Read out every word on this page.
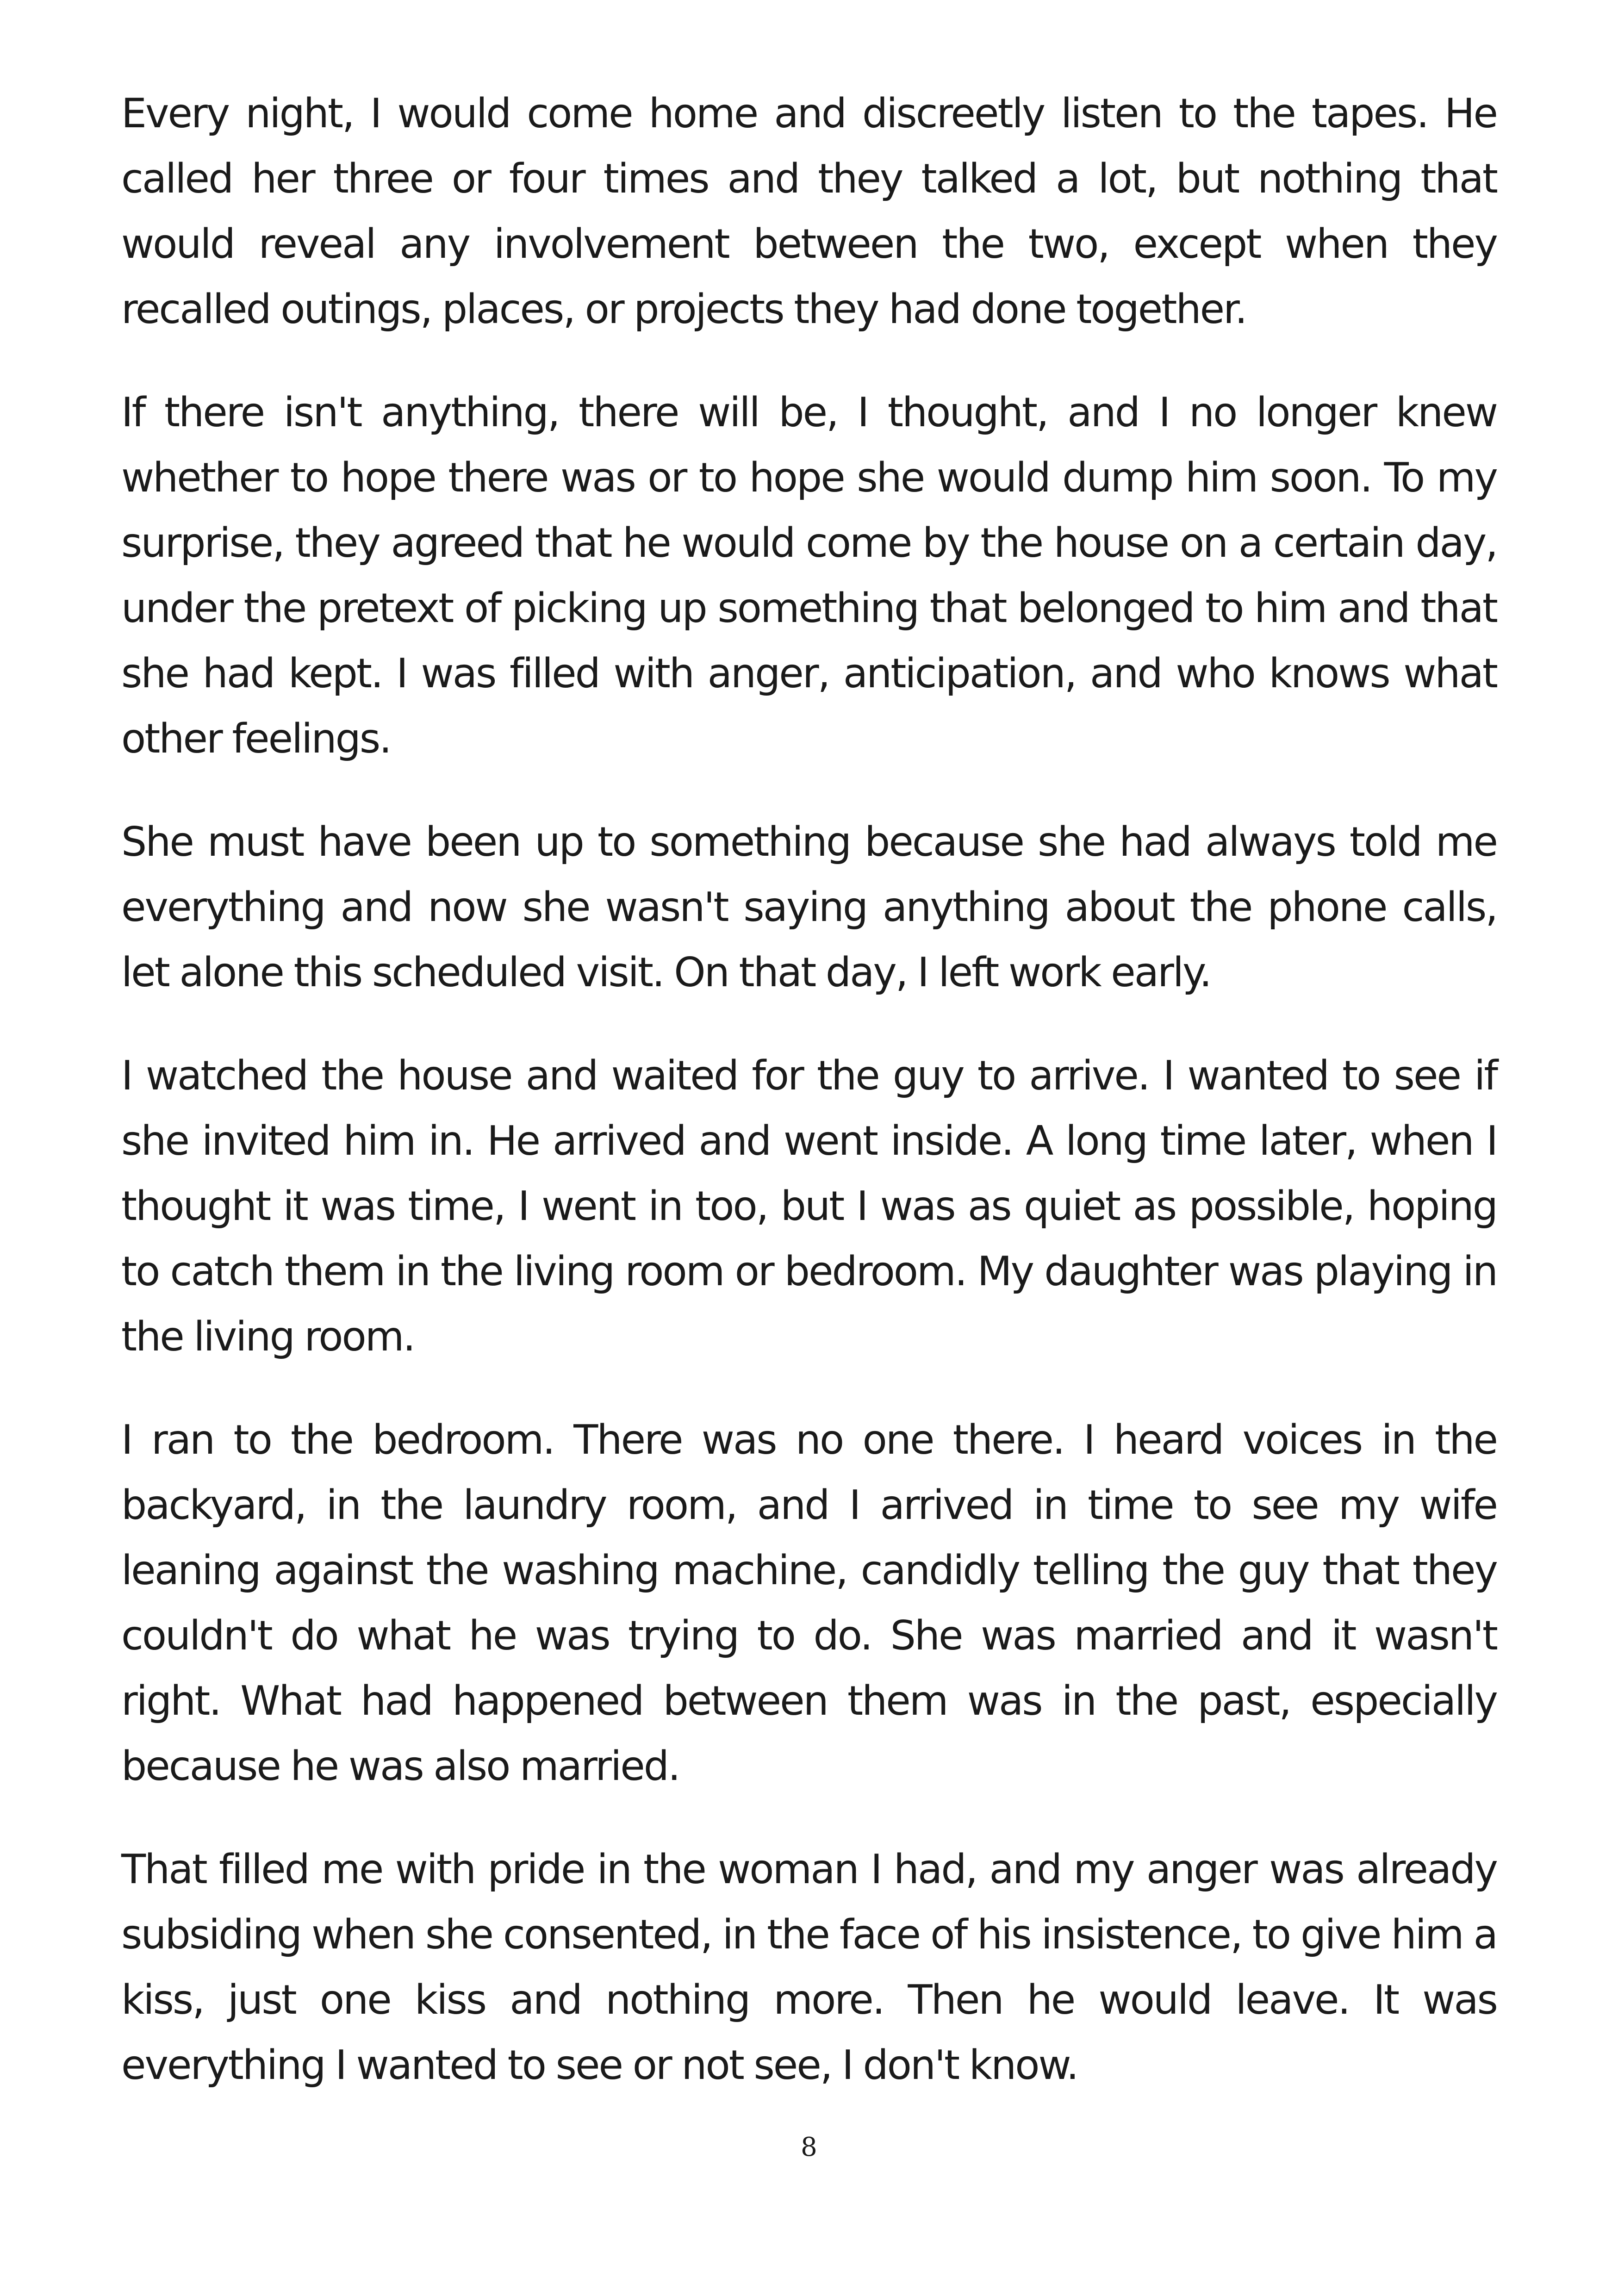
Every night, I would come home and discreetly listen to the tapes. He called her three or four times and they talked a lot, but nothing that would reveal any involvement between the two, except when they recalled outings, places, or projects they had done together.

If there isn't anything, there will be, I thought, and I no longer knew whether to hope there was or to hope she would dump him soon. To my surprise, they agreed that he would come by the house on a certain day, under the pretext of picking up something that belonged to him and that she had kept. I was filled with anger, anticipation, and who knows what other feelings.

She must have been up to something because she had always told me everything and now she wasn't saying anything about the phone calls, let alone this scheduled visit. On that day, I left work early.

I watched the house and waited for the guy to arrive. I wanted to see if she invited him in. He arrived and went inside. A long time later, when I thought it was time, I went in too, but I was as quiet as possible, hoping to catch them in the living room or bedroom. My daughter was playing in the living room.

I ran to the bedroom. There was no one there. I heard voices in the backyard, in the laundry room, and I arrived in time to see my wife leaning against the washing machine, candidly telling the guy that they couldn't do what he was trying to do. She was married and it wasn't right. What had happened between them was in the past, especially because he was also married.

That filled me with pride in the woman I had, and my anger was already subsiding when she consented, in the face of his insistence, to give him a kiss, just one kiss and nothing more. Then he would leave. It was everything I wanted to see or not see, I don't know.

8
